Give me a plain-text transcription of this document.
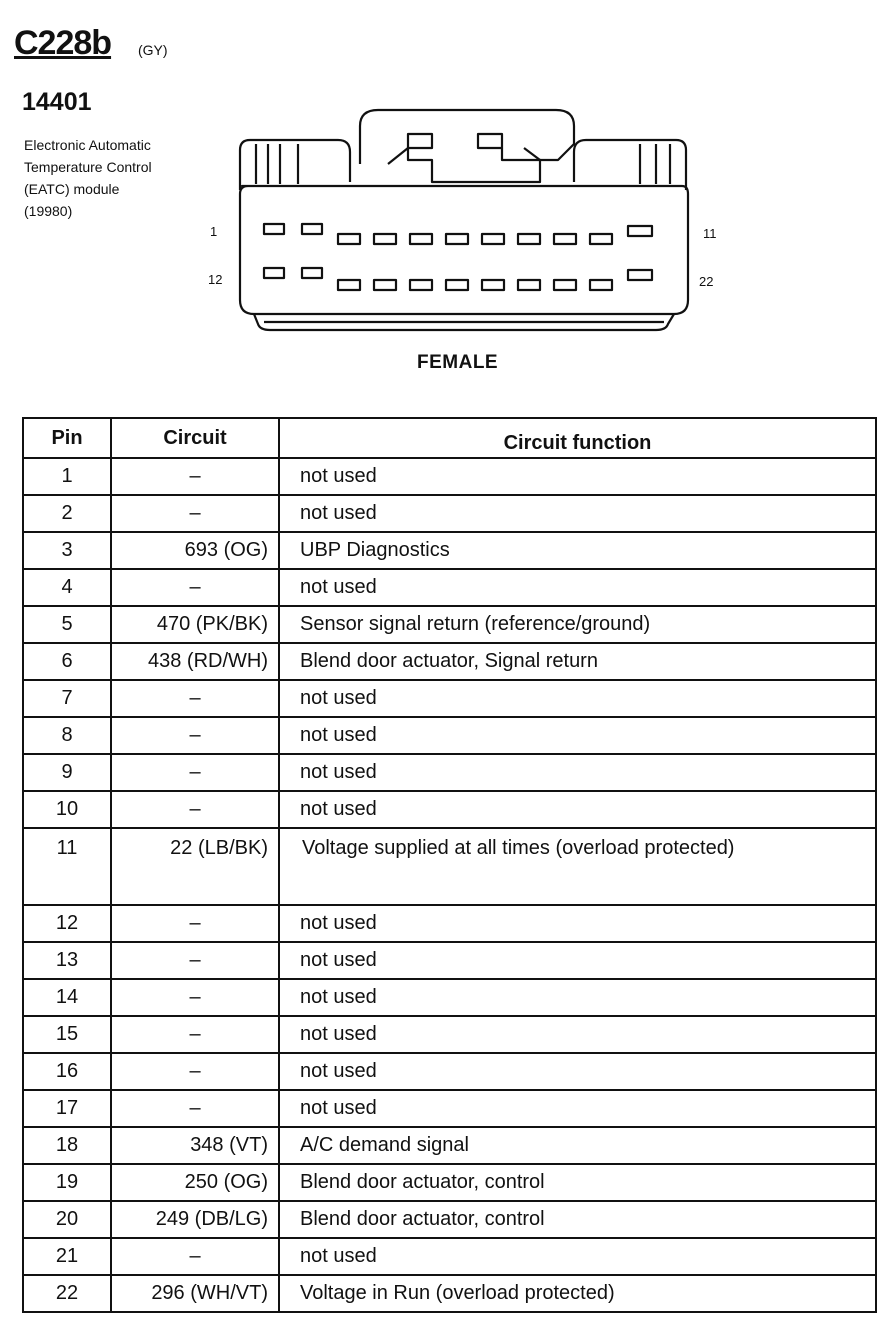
C228b (GY)
14401
Electronic Automatic
Temperature Control
(EATC) module
(19980)
1	11
12	22
FEMALE
Pin	Circuit	Circuit function
1	–	not used
2	–	not used
3	693 (OG)	UBP Diagnostics
4	–	not used
5	470 (PK/BK)	Sensor signal return (reference/ground)
6	438 (RD/WH)	Blend door actuator, Signal return
7	–	not used
8	–	not used
9	–	not used
10	–	not used
11	22 (LB/BK)	Voltage supplied at all times (overload protected)
12	–	not used
13	–	not used
14	–	not used
15	–	not used
16	–	not used
17	–	not used
18	348 (VT)	A/C demand signal
19	250 (OG)	Blend door actuator, control
20	249 (DB/LG)	Blend door actuator, control
21	–	not used
22	296 (WH/VT)	Voltage in Run (overload protected)
